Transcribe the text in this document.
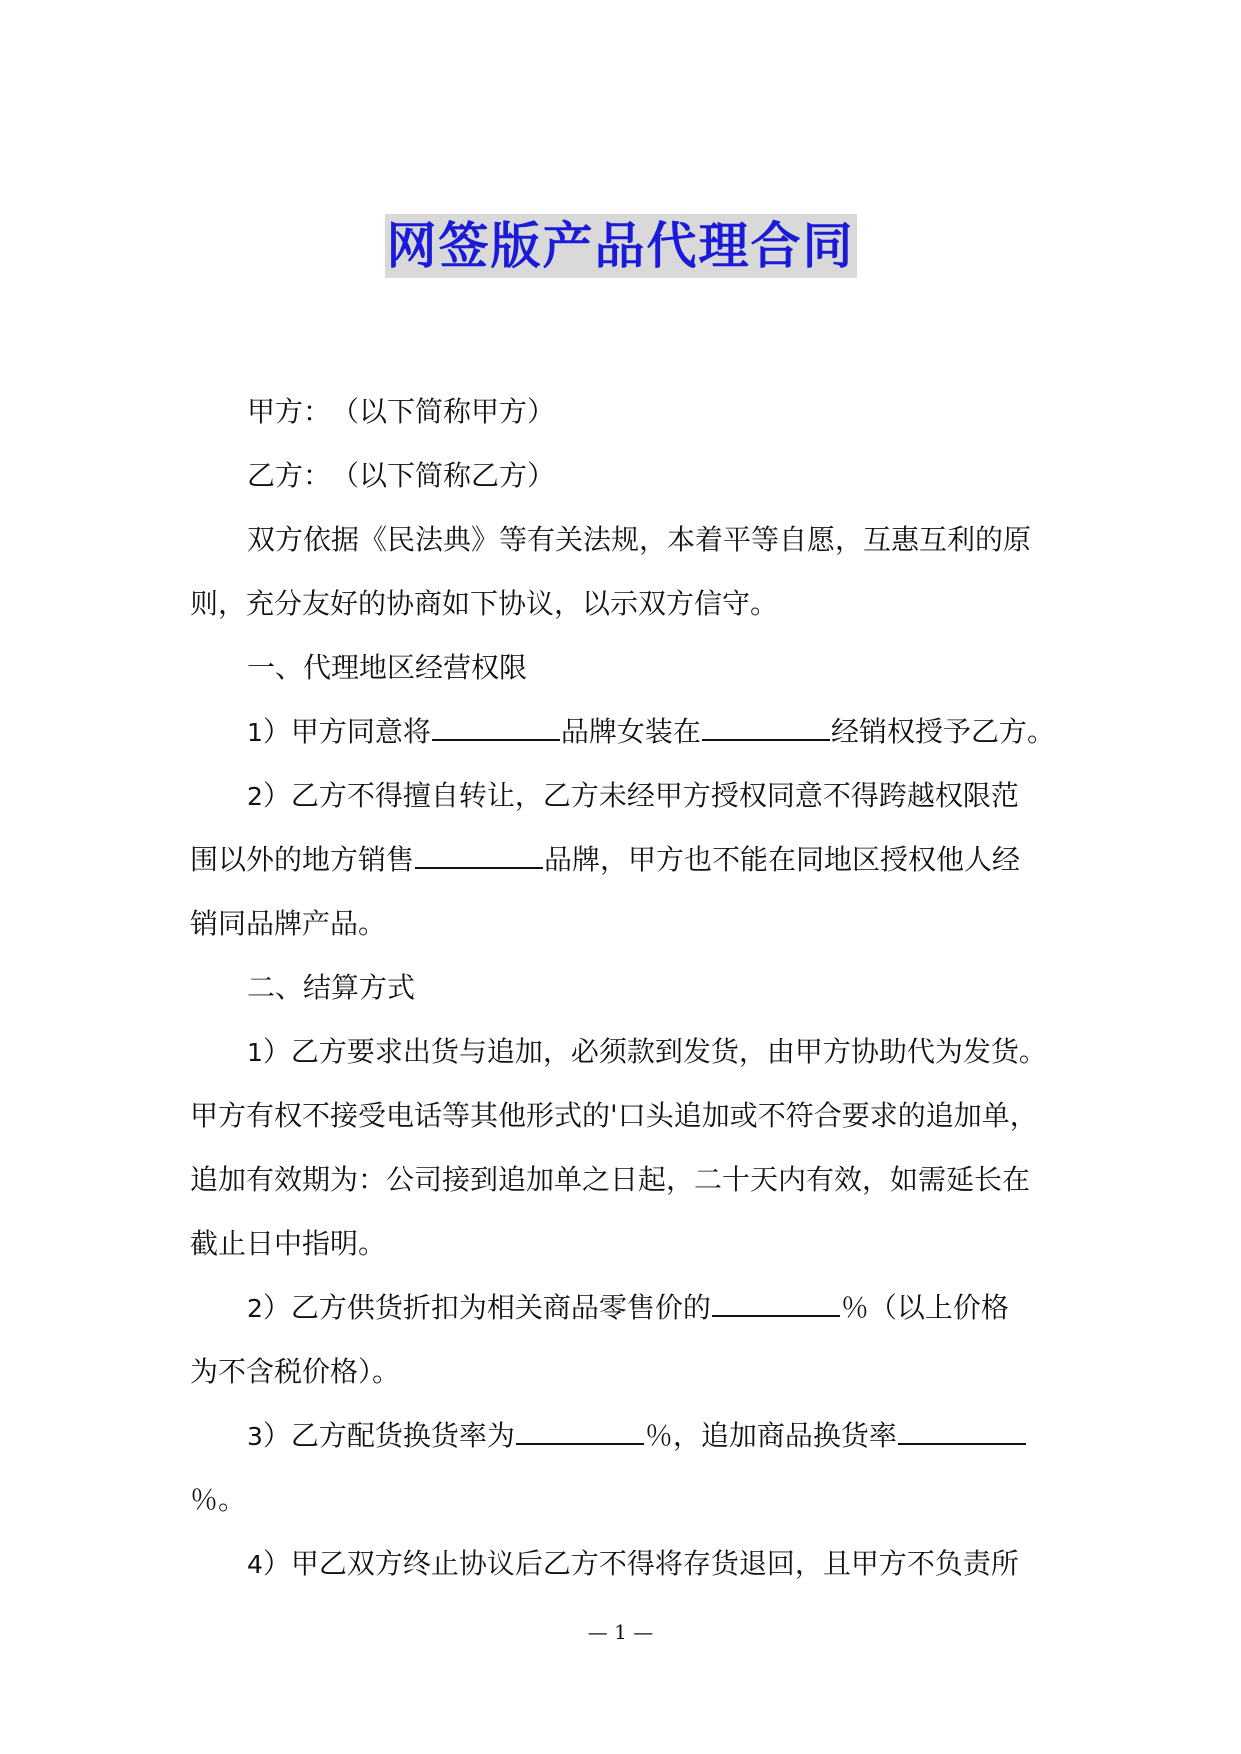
网签版产品代理合同
甲方：　（以下简称甲方）
乙方：　（以下简称乙方）
双方依据《民法典》等有关法规，本着平等自愿，互惠互利的原
则，充分友好的协商如下协议，以示双方信守。
一、代理地区经营权限
1）甲方同意将	品牌女装在	经销权授予乙方。
2）乙方不得擅自转让，乙方未经甲方授权同意不得跨越权限范
围以外的地方销售	品牌，甲方也不能在同地区授权他人经
销同品牌产品。
二、结算方式
1）乙方要求出货与追加，必须款到发货，由甲方协助代为发货。
甲方有权不接受电话等其他形式的'口头追加或不符合要求的追加单，
追加有效期为：公司接到追加单之日起，二十天内有效，如需延长在
截止日中指明。
2）乙方供货折扣为相关商品零售价的	％（以上价格
为不含税价格）。
3）乙方配货换货率为	％，追加商品换货率
％。
4）甲乙双方终止协议后乙方不得将存货退回，且甲方不负责所
— 1 —
